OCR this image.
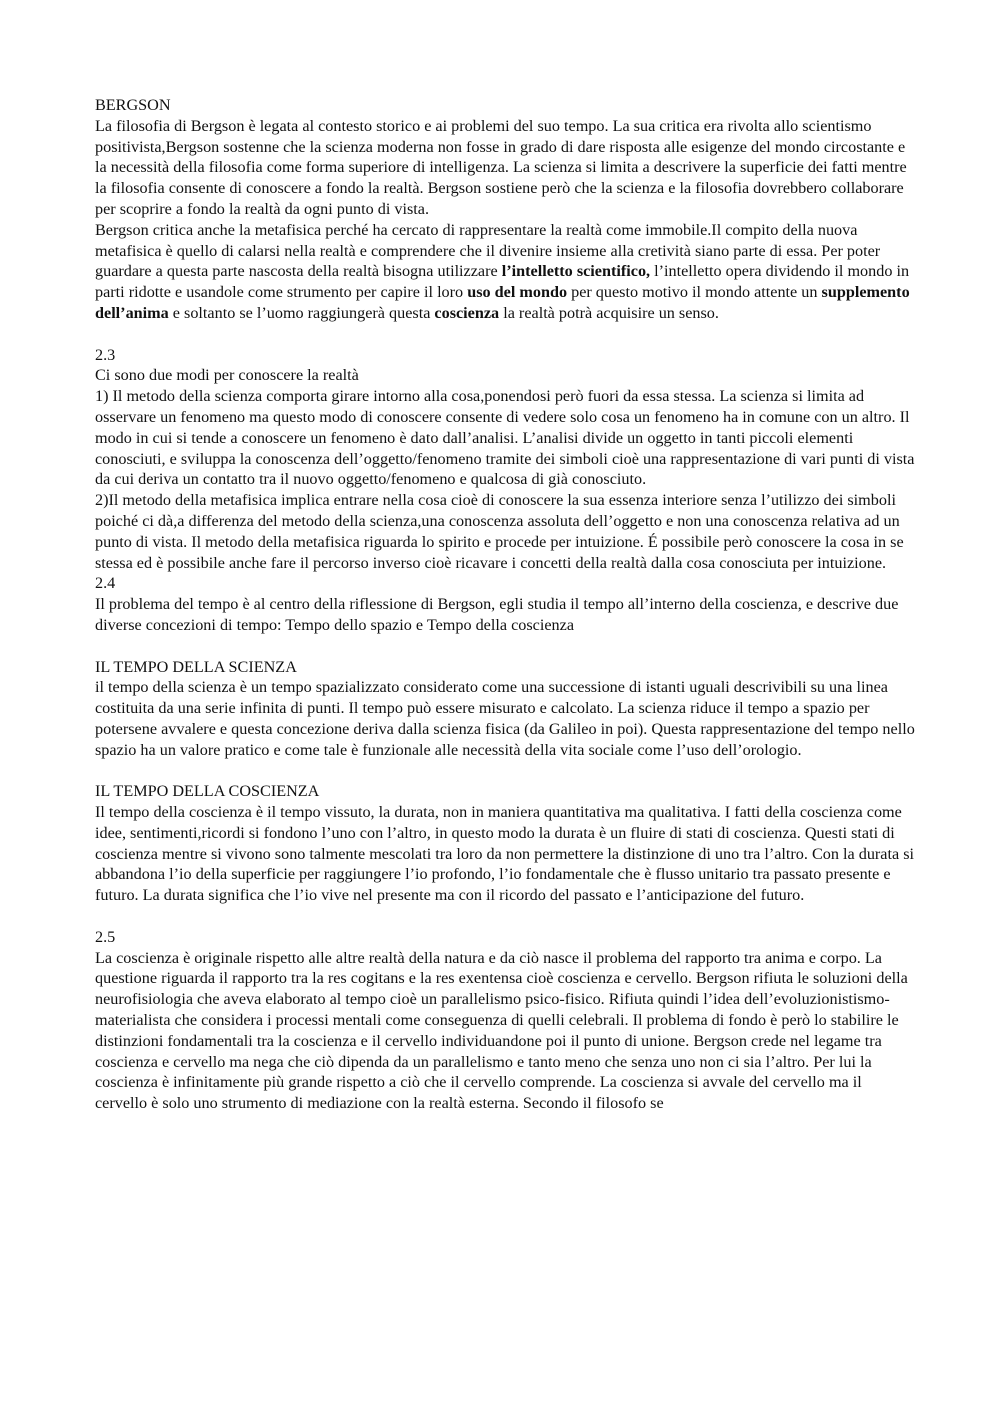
BERGSON

La filosofia di Bergson è legata al contesto storico e ai problemi del suo tempo. La sua critica era rivolta allo scientismo positivista,Bergson sostenne che la scienza moderna non fosse in grado di dare risposta alle esigenze del mondo circostante e la necessità della filosofia come forma superiore di intelligenza. La scienza si limita a descrivere la superficie dei fatti mentre la filosofia consente di conoscere a fondo la realtà. Bergson sostiene però che la scienza e la filosofia dovrebbero collaborare per scoprire a fondo la realtà da ogni punto di vista.

Bergson critica anche la metafisica perché ha cercato di rappresentare la realtà come immobile.Il compito della nuova metafisica è quello di calarsi nella realtà e comprendere che il divenire insieme alla cretività siano parte di essa. Per poter guardare a questa parte nascosta della realtà bisogna utilizzare l’intelletto scientifico, l’intelletto opera dividendo il mondo in parti ridotte e usandole come strumento per capire il loro uso del mondo per questo motivo il mondo attente un supplemento dell’anima e soltanto se l’uomo raggiungerà questa coscienza la realtà potrà acquisire un senso.

2.3

Ci sono due modi per conoscere la realtà

1) Il metodo della scienza comporta girare intorno alla cosa,ponendosi però fuori da essa stessa. La scienza si limita ad osservare un fenomeno ma questo modo di conoscere consente di vedere solo cosa un fenomeno ha in comune con un altro. Il modo in cui si tende a conoscere un fenomeno è dato dall’analisi. L’analisi divide un oggetto in tanti piccoli elementi conosciuti, e sviluppa la conoscenza dell’oggetto/fenomeno tramite dei simboli cioè una rappresentazione di vari punti di vista da cui deriva un contatto tra il nuovo oggetto/fenomeno e qualcosa di già conosciuto.

2)Il metodo della metafisica implica entrare nella cosa cioè di conoscere la sua essenza interiore senza l’utilizzo dei simboli poiché ci dà,a differenza del metodo della scienza,una conoscenza assoluta dell’oggetto e non una conoscenza relativa ad un punto di vista. Il metodo della metafisica riguarda lo spirito e procede per intuizione. É possibile però conoscere la cosa in se stessa ed è possibile anche fare il percorso inverso cioè ricavare i concetti della realtà dalla cosa conosciuta per intuizione.

2.4

Il problema del tempo è al centro della riflessione di Bergson, egli studia il tempo all’interno della coscienza, e descrive due diverse concezioni di tempo: Tempo dello spazio e Tempo della coscienza

IL TEMPO DELLA SCIENZA

il tempo della scienza è un tempo spazializzato considerato come una successione di istanti uguali descrivibili su una linea costituita da una serie infinita di punti. Il tempo può essere misurato e calcolato. La scienza riduce il tempo a spazio per potersene avvalere e questa concezione deriva dalla scienza fisica (da Galileo in poi). Questa rappresentazione del tempo nello spazio ha un valore pratico e come tale è funzionale alle necessità della vita sociale come l’uso dell’orologio.

IL TEMPO DELLA COSCIENZA

Il tempo della coscienza è il tempo vissuto, la durata, non in maniera quantitativa ma qualitativa. I fatti della coscienza come idee, sentimenti,ricordi si fondono l’uno con l’altro, in questo modo la durata è un fluire di stati di coscienza. Questi stati di coscienza mentre si vivono sono talmente mescolati tra loro da non permettere la distinzione di uno tra l’altro. Con la durata si abbandona l’io della superficie per raggiungere l’io profondo, l’io fondamentale che è flusso unitario tra passato presente e futuro. La durata significa che l’io vive nel presente ma con il ricordo del passato e l’anticipazione del futuro.

2.5

La coscienza è originale rispetto alle altre realtà della natura e da ciò nasce il problema del rapporto tra anima e corpo. La questione riguarda il rapporto tra la res cogitans e la res exentensa cioè coscienza e cervello. Bergson rifiuta le soluzioni della neurofisiologia che aveva elaborato al tempo cioè un parallelismo psico-fisico. Rifiuta quindi l’idea dell’evoluzionistismo-materialista che considera i processi mentali come conseguenza di quelli celebrali. Il problema di fondo è però lo stabilire le distinzioni fondamentali tra la coscienza e il cervello individuandone poi il punto di unione. Bergson crede nel legame tra coscienza e cervello ma nega che ciò dipenda da un parallelismo e tanto meno che senza uno non ci sia l’altro. Per lui la coscienza è infinitamente più grande rispetto a ciò che il cervello comprende. La coscienza si avvale del cervello ma il cervello è solo uno strumento di mediazione con la realtà esterna. Secondo il filosofo se
